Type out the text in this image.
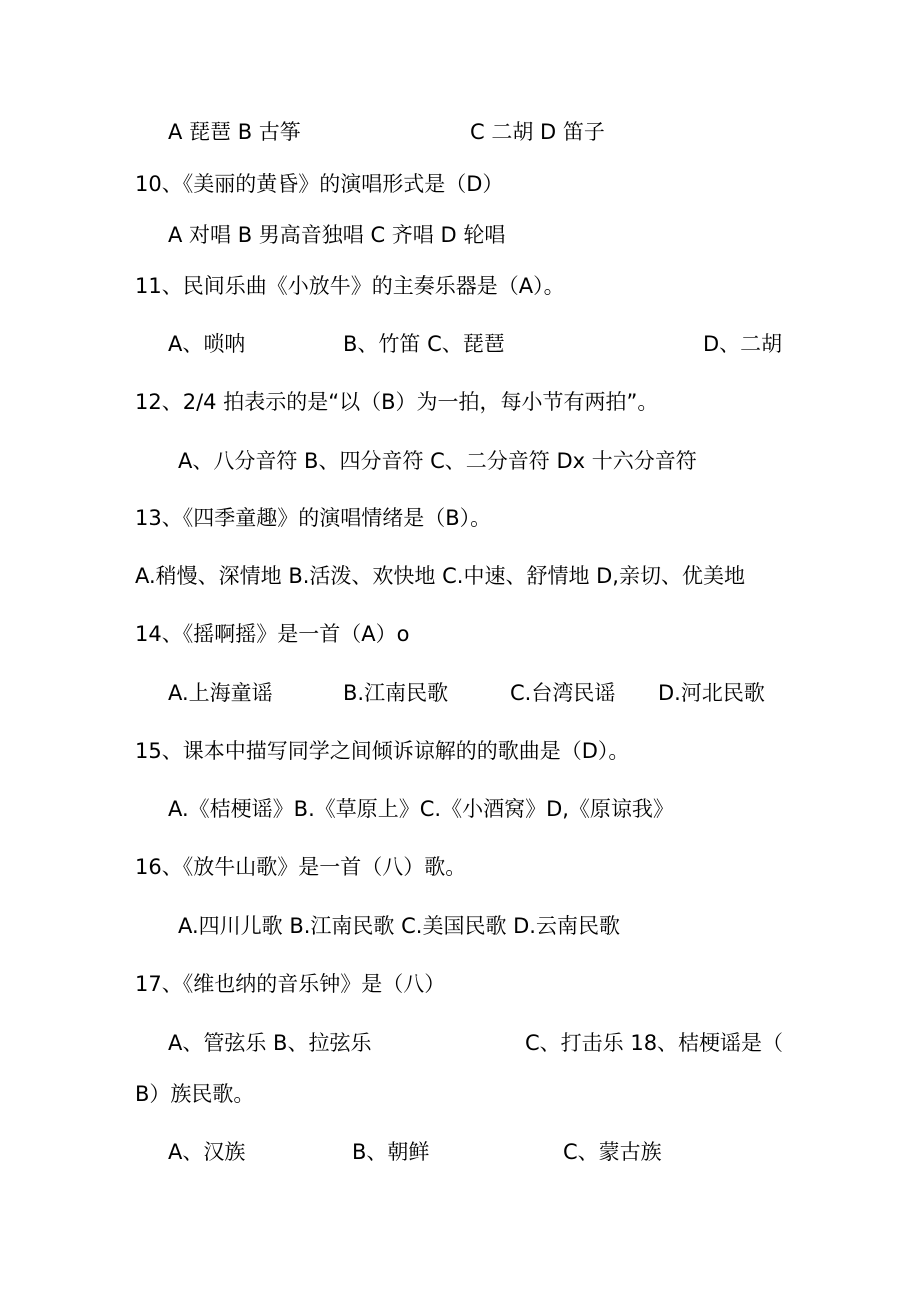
A 琵琶 B 古筝	C 二胡 D 笛子
10、《美丽的黄昏》的演唱形式是（D）
A 对唱 B 男高音独唱 C 齐唱 D 轮唱
11、民间乐曲《小放牛》的主奏乐器是（A）。
A、唢呐	B、竹笛 C、琵琶	D、二胡
12、2/4 拍表示的是“以（B）为一拍，每小节有两拍”。
A、八分音符 B、四分音符 C、二分音符 Dx 十六分音符
13、《四季童趣》的演唱情绪是（B）。
A.稍慢、深情地 B.活泼、欢快地 C.中速、舒情地 D,亲切、优美地
14、《摇啊摇》是一首（A）o
A.上海童谣	B.江南民歌	C.台湾民谣 D.河北民歌
15、课本中描写同学之间倾诉谅解的的歌曲是（D）。
A.《桔梗谣》B.《草原上》C.《小酒窝》D,《原谅我》
16、《放牛山歌》是一首（八）歌。
A.四川儿歌 B.江南民歌 C.美国民歌 D.云南民歌
17、《维也纳的音乐钟》是（八）
A、管弦乐 B、拉弦乐	C、打击乐 18、桔梗谣是（
B）族民歌。
A、汉族	B、朝鲜	C、蒙古族
